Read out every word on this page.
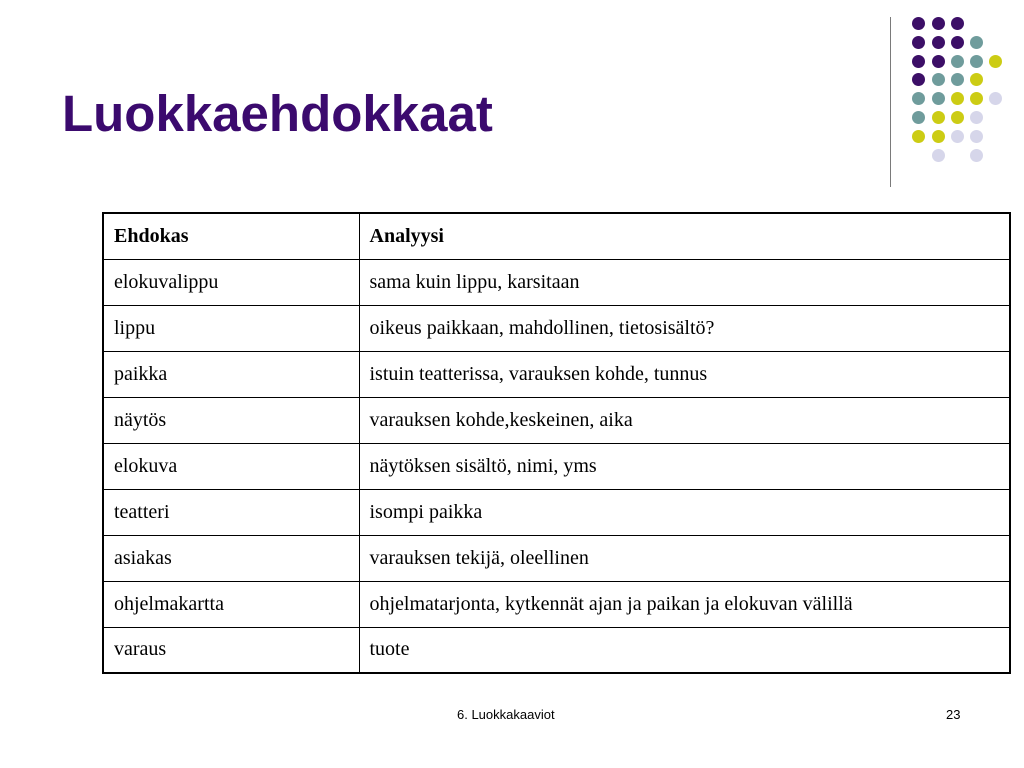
Luokkaehdokkaat
Ehdokas	Analyysi
elokuvalippu	sama kuin lippu, karsitaan
lippu	oikeus paikkaan, mahdollinen, tietosisältö?
paikka	istuin teatterissa, varauksen kohde, tunnus
näytös	varauksen kohde,keskeinen, aika
elokuva	näytöksen sisältö, nimi, yms
teatteri	isompi paikka
asiakas	varauksen tekijä, oleellinen
ohjelmakartta	ohjelmatarjonta, kytkennät ajan ja paikan ja elokuvan välillä
varaus	tuote
6. Luokkakaaviot	23
